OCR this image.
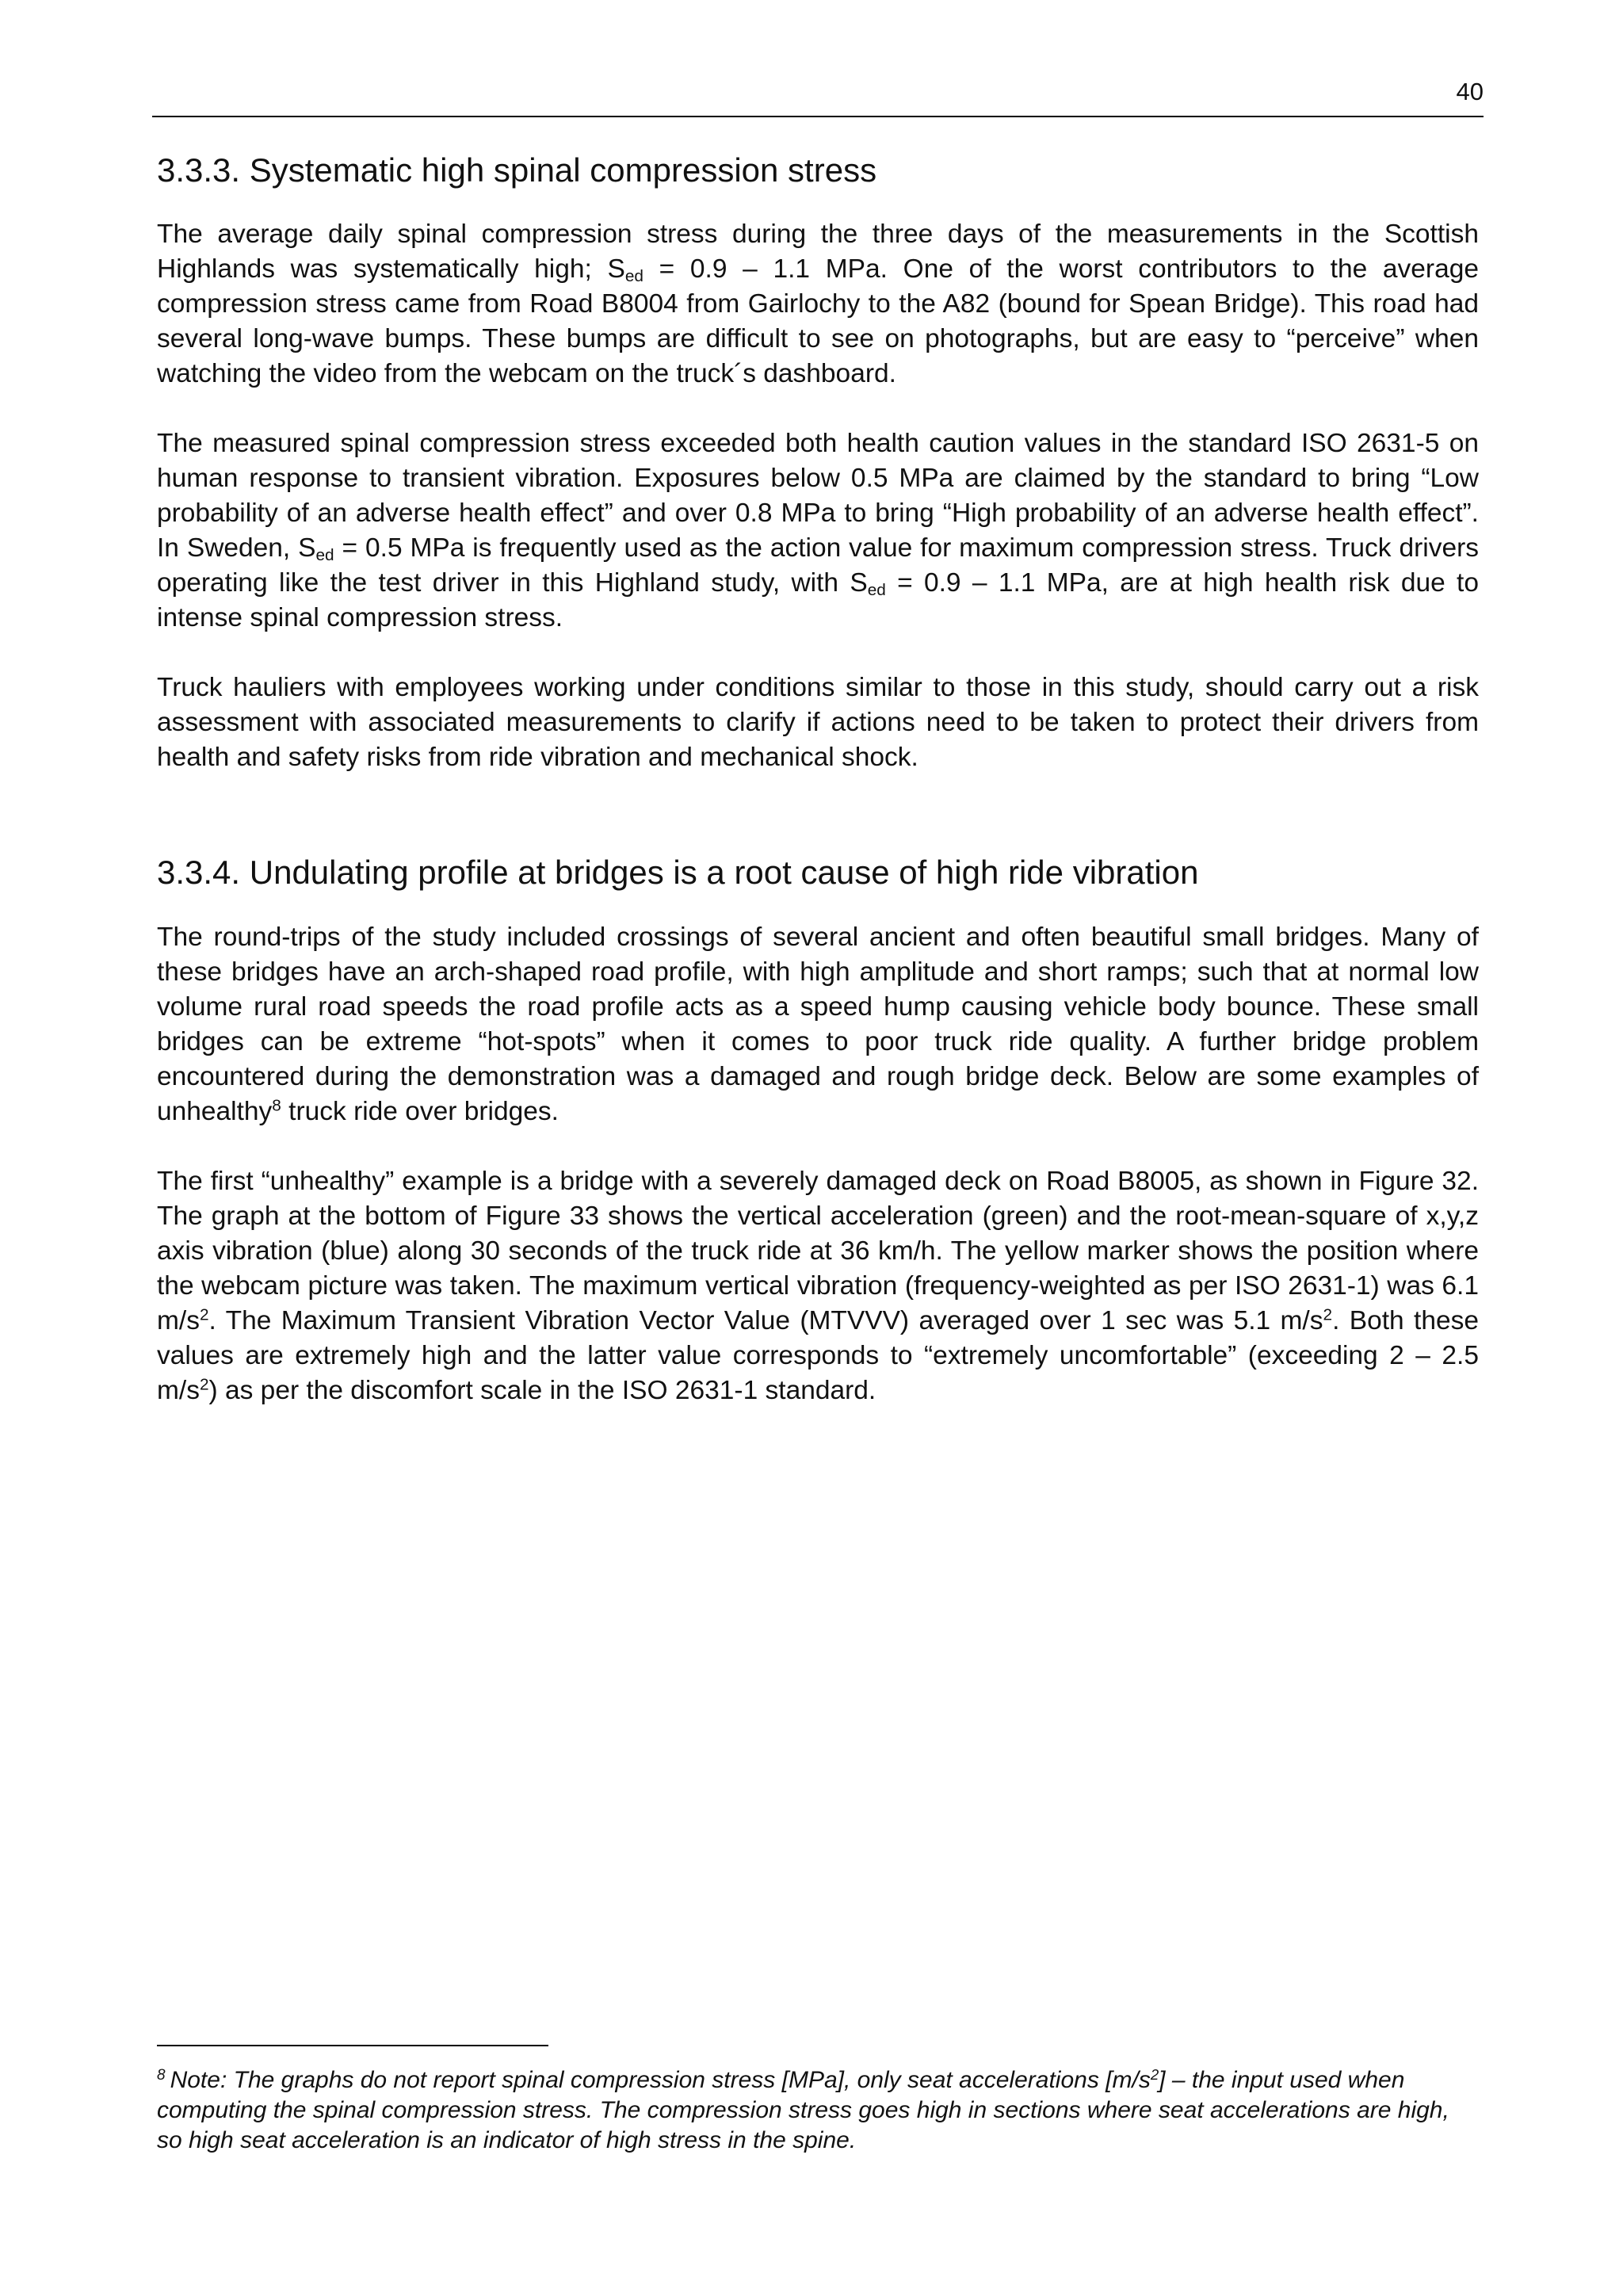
40
3.3.3. Systematic high spinal compression stress

The average daily spinal compression stress during the three days of the measurements in the Scottish Highlands was systematically high; $S_{ed} = 0.9 - 1.1$ MPa. One of the worst contributors to the average compression stress came from Road B8004 from Gairlochy to the A82 (bound for Spean Bridge). This road had several long-wave bumps. These bumps are difficult to see on photographs, but are easy to “perceive” when watching the video from the webcam on the truck´s dashboard.

The measured spinal compression stress exceeded both health caution values in the standard ISO 2631-5 on human response to transient vibration. Exposures below 0.5 MPa are claimed by the standard to bring “Low probability of an adverse health effect” and over 0.8 MPa to bring “High probability of an adverse health effect”. In Sweden, $S_{ed} = 0.5$ MPa is frequently used as the action value for maximum compression stress. Truck drivers operating like the test driver in this Highland study, with $S_{ed} = 0.9 - 1.1$ MPa, are at high health risk due to intense spinal compression stress.

Truck hauliers with employees working under conditions similar to those in this study, should carry out a risk assessment with associated measurements to clarify if actions need to be taken to protect their drivers from health and safety risks from ride vibration and mechanical shock.

3.3.4. Undulating profile at bridges is a root cause of high ride vibration

The round-trips of the study included crossings of several ancient and often beautiful small bridges. Many of these bridges have an arch-shaped road profile, with high amplitude and short ramps; such that at normal low volume rural road speeds the road profile acts as a speed hump causing vehicle body bounce. These small bridges can be extreme “hot-spots” when it comes to poor truck ride quality. A further bridge problem encountered during the demonstration was a damaged and rough bridge deck. Below are some examples of unhealthy$^8$ truck ride over bridges.

The first “unhealthy” example is a bridge with a severely damaged deck on Road B8005, as shown in Figure 32. The graph at the bottom of Figure 33 shows the vertical acceleration (green) and the root-mean-square of x,y,z axis vibration (blue) along 30 seconds of the truck ride at 36 km/h. The yellow marker shows the position where the webcam picture was taken. The maximum vertical vibration (frequency-weighted as per ISO 2631-1) was 6.1 $m/s^2$. The Maximum Transient Vibration Vector Value (MTVVV) averaged over 1 sec was 5.1 $m/s^2$. Both these values are extremely high and the latter value corresponds to “extremely uncomfortable” (exceeding 2 – 2.5 $m/s^2$) as per the discomfort scale in the ISO 2631-1 standard.

$^8$ Note: The graphs do not report spinal compression stress [MPa], only seat accelerations $[m/s^2]$ – the input used when computing the spinal compression stress. The compression stress goes high in sections where seat accelerations are high, so high seat acceleration is an indicator of high stress in the spine.
